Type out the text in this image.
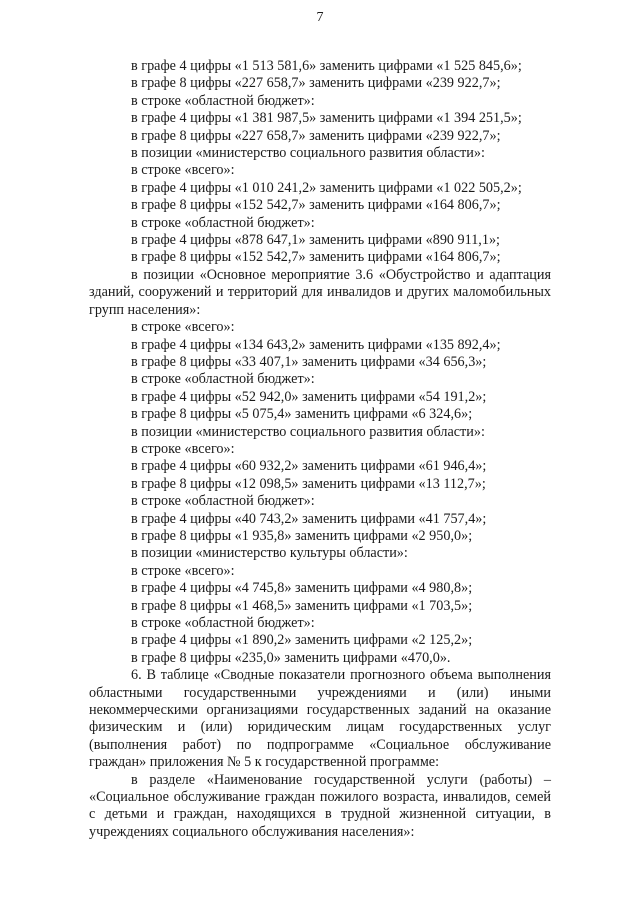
7
в графе 4 цифры «1 513 581,6» заменить цифрами «1 525 845,6»;
в графе 8 цифры «227 658,7» заменить цифрами «239 922,7»;
в строке «областной бюджет»:
в графе 4 цифры «1 381 987,5» заменить цифрами «1 394 251,5»;
в графе 8 цифры «227 658,7» заменить цифрами «239 922,7»;
в позиции «министерство социального развития области»:
в строке «всего»:
в графе 4 цифры «1 010 241,2» заменить цифрами «1 022 505,2»;
в графе 8 цифры «152 542,7» заменить цифрами «164 806,7»;
в строке «областной бюджет»:
в графе 4 цифры «878 647,1» заменить цифрами «890 911,1»;
в графе 8 цифры «152 542,7» заменить цифрами «164 806,7»;
в позиции «Основное мероприятие 3.6 «Обустройство и адаптация зданий, сооружений и территорий для инвалидов и других маломобильных групп населения»:
в строке «всего»:
в графе 4 цифры «134 643,2» заменить цифрами «135 892,4»;
в графе 8 цифры «33 407,1» заменить цифрами «34 656,3»;
в строке «областной бюджет»:
в графе 4 цифры «52 942,0» заменить цифрами «54 191,2»;
в графе 8 цифры «5 075,4» заменить цифрами «6 324,6»;
в позиции «министерство социального развития области»:
в строке «всего»:
в графе 4 цифры «60 932,2» заменить цифрами «61 946,4»;
в графе 8 цифры «12 098,5» заменить цифрами «13 112,7»;
в строке «областной бюджет»:
в графе 4 цифры «40 743,2» заменить цифрами «41 757,4»;
в графе 8 цифры «1 935,8» заменить цифрами «2 950,0»;
в позиции «министерство культуры области»:
в строке «всего»:
в графе 4 цифры «4 745,8» заменить цифрами «4 980,8»;
в графе 8 цифры «1 468,5» заменить цифрами «1 703,5»;
в строке «областной бюджет»:
в графе 4 цифры «1 890,2» заменить цифрами «2 125,2»;
в графе 8 цифры «235,0» заменить цифрами «470,0».
6. В таблице «Сводные показатели прогнозного объема выполнения областными государственными учреждениями и (или) иными некоммерческими организациями государственных заданий на оказание физическим и (или) юридическим лицам государственных услуг (выполнения работ) по подпрограмме «Социальное обслуживание граждан» приложения № 5 к государственной программе:
в разделе «Наименование государственной услуги (работы) – «Социальное обслуживание граждан пожилого возраста, инвалидов, семей с детьми и граждан, находящихся в трудной жизненной ситуации, в учреждениях социального обслуживания населения»:
